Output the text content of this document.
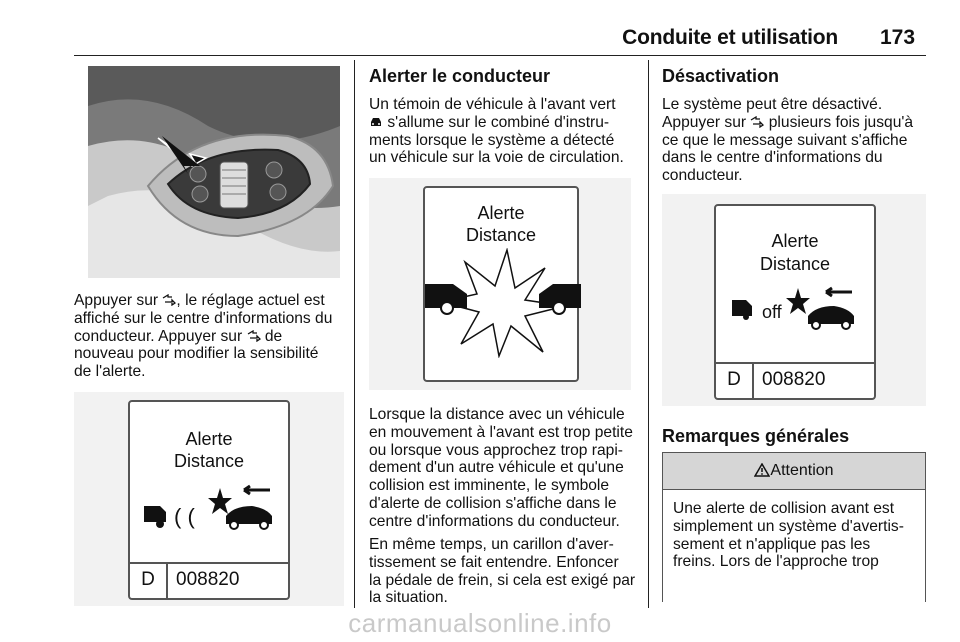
Conduite et utilisation 173

Appuyer sur , le réglage actuel est
affiché sur le centre d'informations du
conducteur. Appuyer sur  de
nouveau pour modifier la sensibilité
de l'alerte.

Alerte
Distance
( (
D	008820
Alerter le conducteur

Un témoin de véhicule à l'avant vert
s'allume sur le combiné d'instru-
ments lorsque le système a détecté
un véhicule sur la voie de circulation.

Alerte
Distance

Lorsque la distance avec un véhicule
en mouvement à l'avant est trop petite
ou lorsque vous approchez trop rapi-
dement d'un autre véhicule et qu'une
collision est imminente, le symbole
d'alerte de collision s'affiche dans le
centre d'informations du conducteur.

En même temps, un carillon d'aver-
tissement se fait entendre. Enfoncer
la pédale de frein, si cela est exigé par
la situation.

Désactivation

Le système peut être désactivé.
Appuyer sur  plusieurs fois jusqu'à
ce que le message suivant s'affiche
dans le centre d'informations du
conducteur.

Alerte
Distance
off
D	008820
Remarques générales
Attention
Une alerte de collision avant est
simplement un système d'avertis-
sement et n'applique pas les
freins. Lors de l'approche trop
carmanualsonline.info
